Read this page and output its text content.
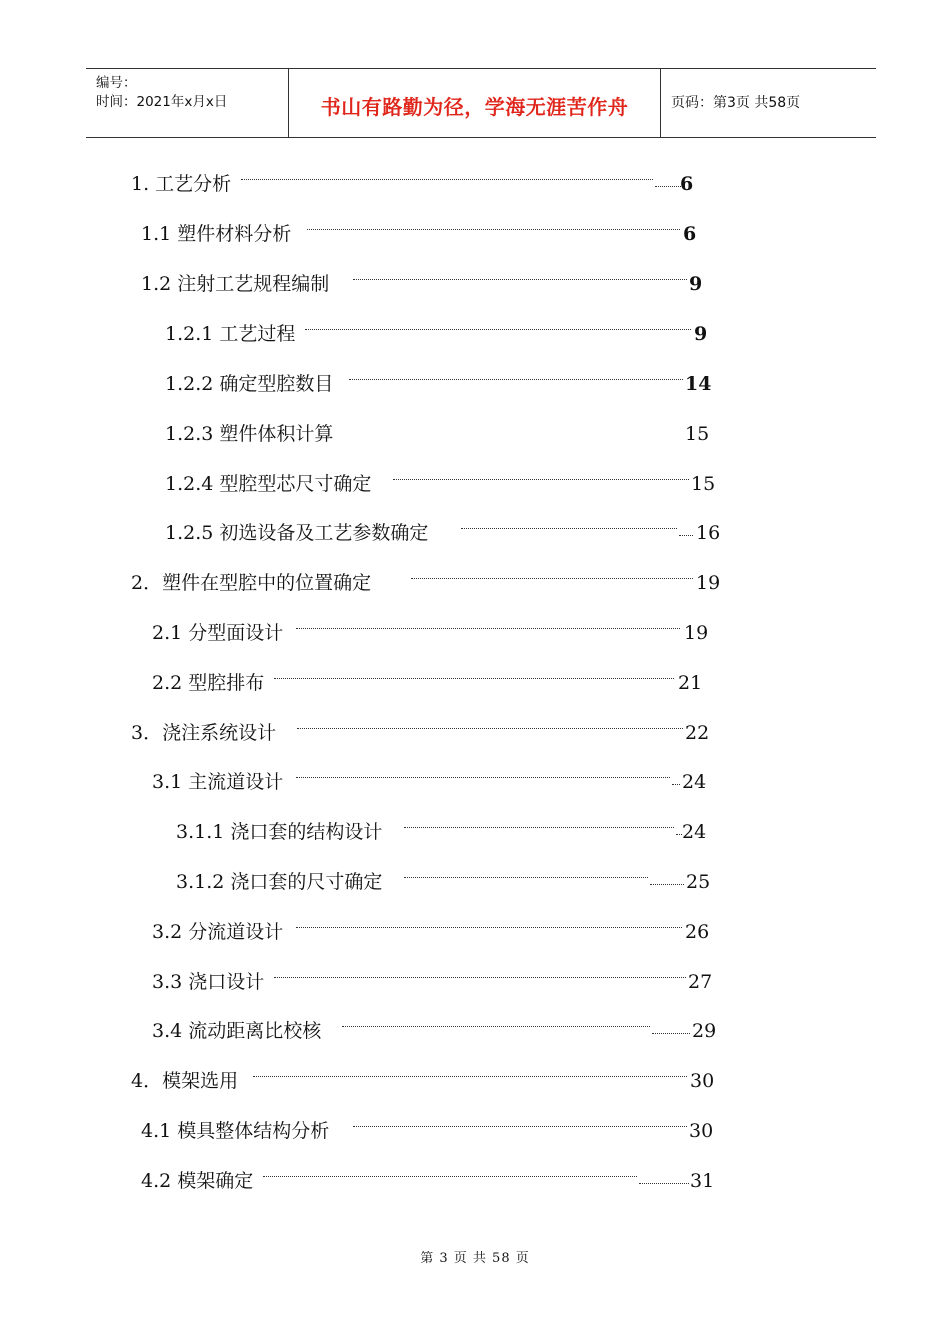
编号：
时间：2021年x月x日	书山有路勤为径，学海无涯苦作舟	页码：第3页 共58页
1. 工艺分析	6
1.1 塑件材料分析	6
1.2 注射工艺规程编制	9
1.2.1 工艺过程	9
1.2.2 确定型腔数目	14
1.2.3 塑件体积计算	15
1.2.4 型腔型芯尺寸确定	15
1.2.5 初选设备及工艺参数确定	16
2．塑件在型腔中的位置确定	19
2.1 分型面设计	19
2.2 型腔排布	21
3．浇注系统设计	22
3.1 主流道设计	24
3.1.1 浇口套的结构设计	24
3.1.2 浇口套的尺寸确定	25
3.2 分流道设计	26
3.3 浇口设计	27
3.4 流动距离比校核	29
4．模架选用	30
4.1 模具整体结构分析	30
4.2 模架确定	31
第 3 页 共 58 页
